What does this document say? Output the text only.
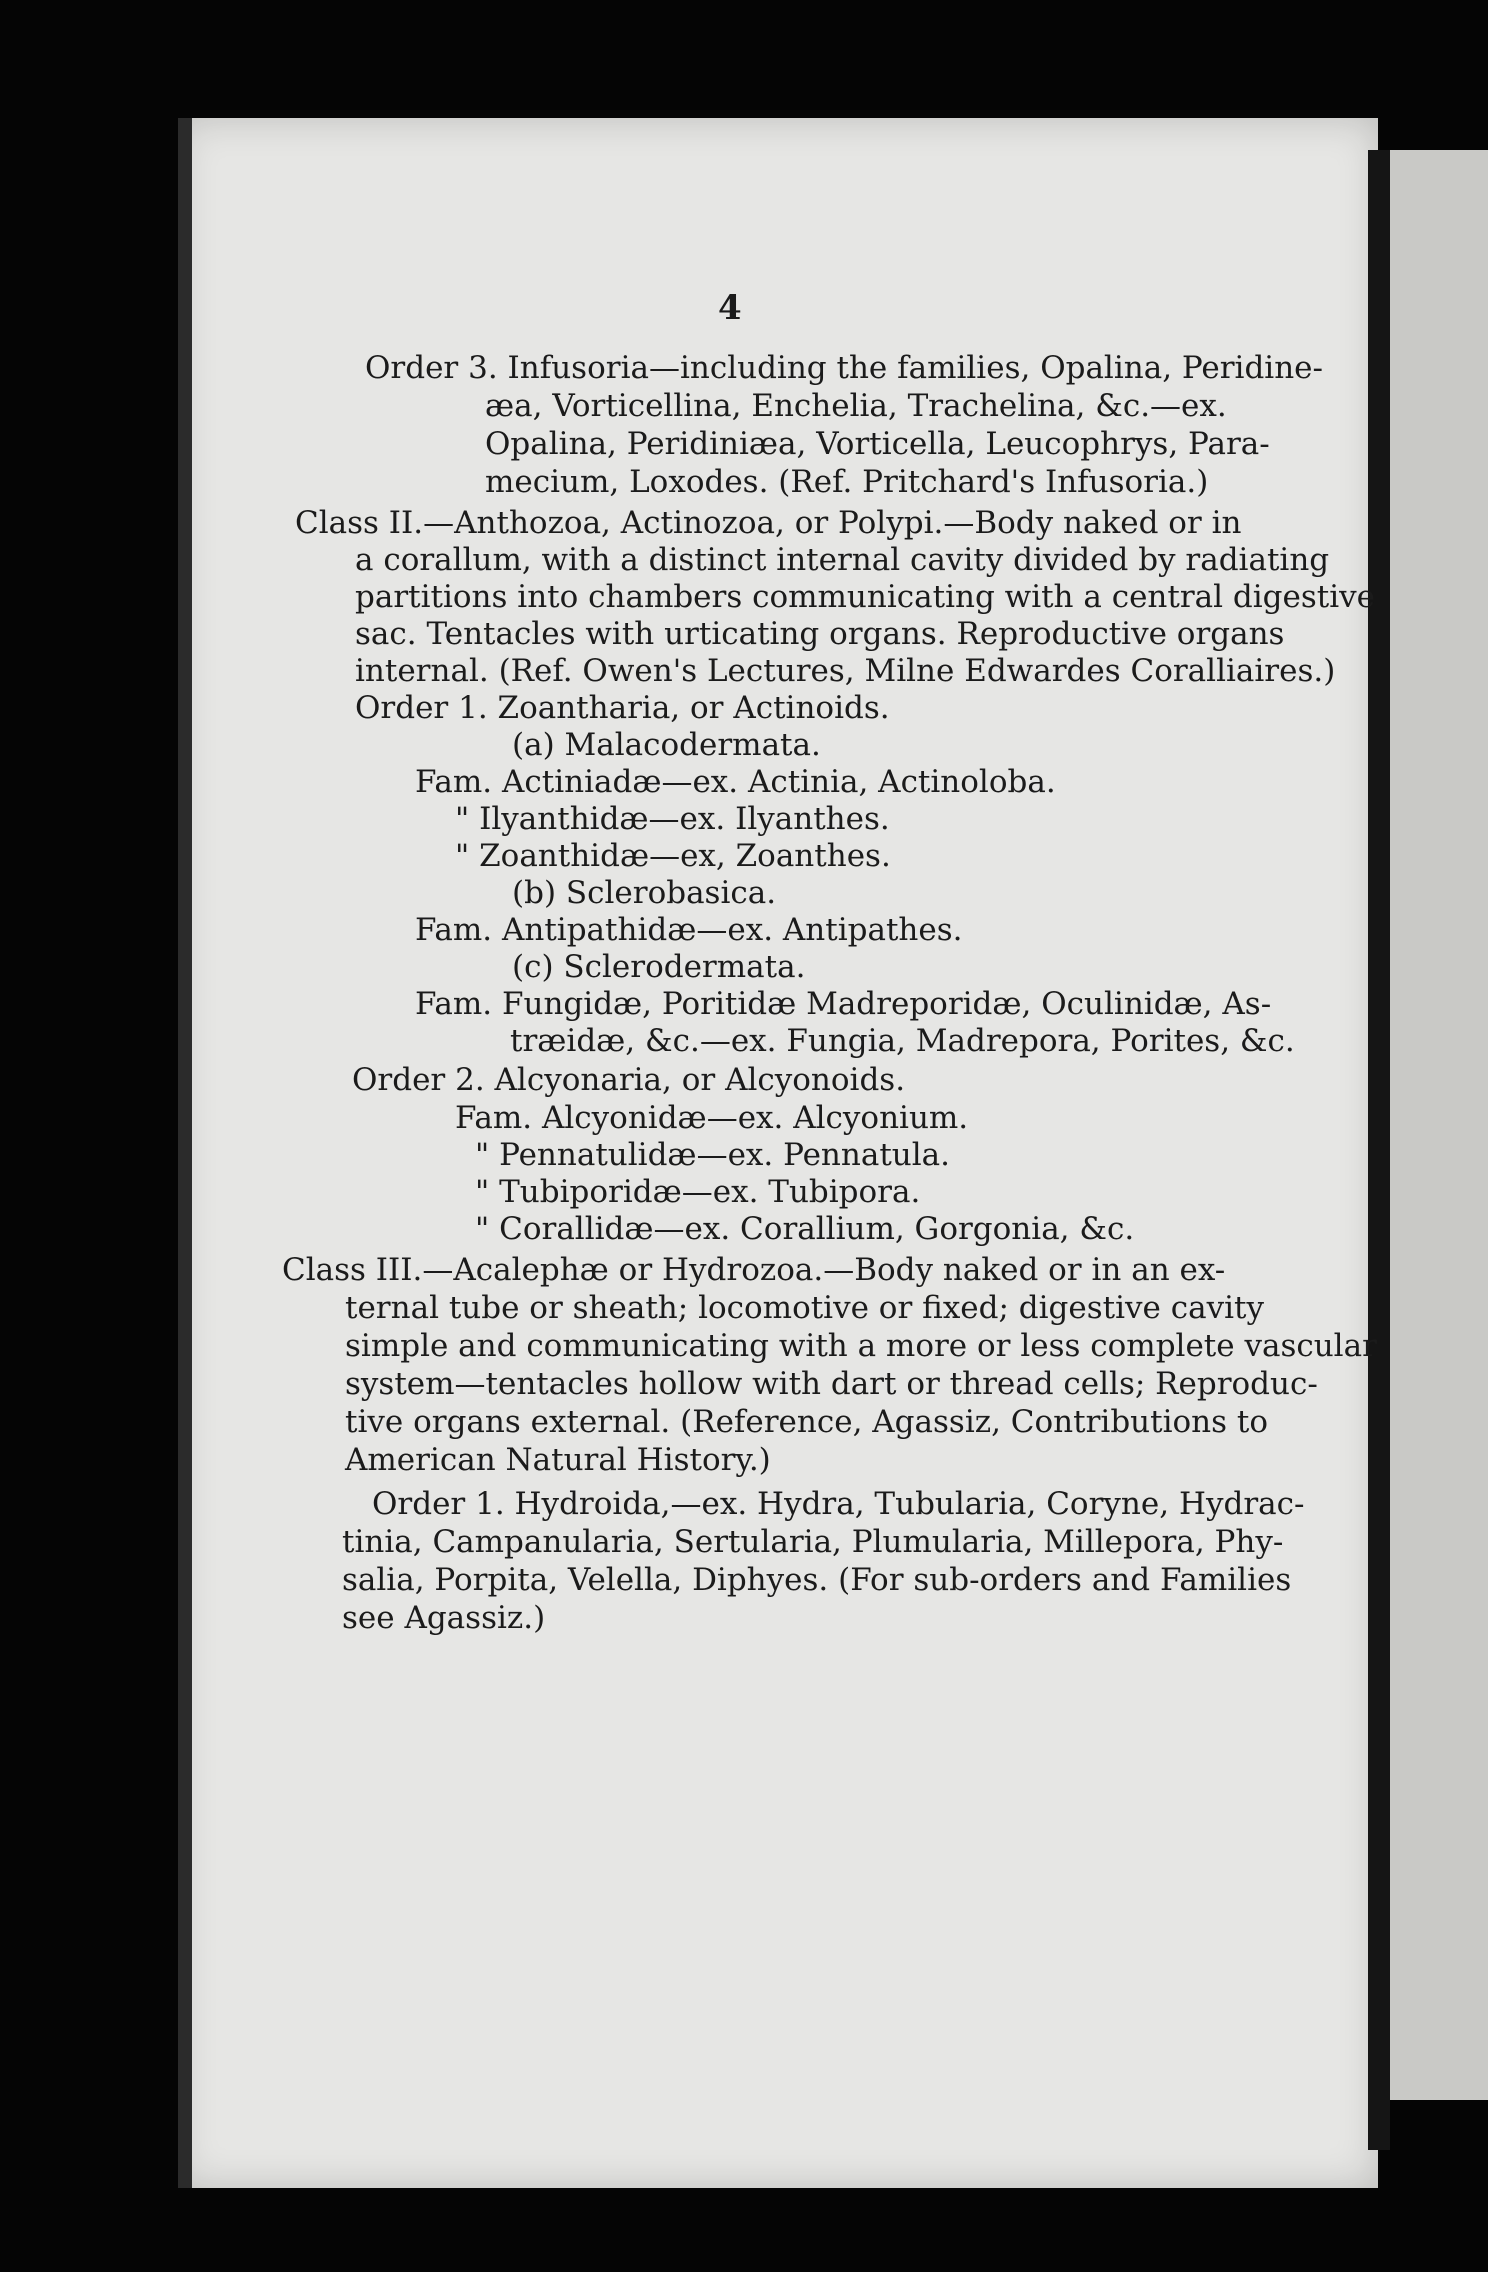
4
Order 3. Infusoria—including the families, Opalina, Peridine-
æa, Vorticellina, Enchelia, Trachelina, &c.—ex.
Opalina, Peridiniæa, Vorticella, Leucophrys, Para-
mecium, Loxodes. (Ref. Pritchard's Infusoria.)
Class II.—Anthozoa, Actinozoa, or Polypi.—Body naked or in
a corallum, with a distinct internal cavity divided by radiating
partitions into chambers communicating with a central digestive
sac. Tentacles with urticating organs. Reproductive organs
internal. (Ref. Owen's Lectures, Milne Edwardes Coralliaires.)
Order 1. Zoantharia, or Actinoids.
(a) Malacodermata.
Fam. Actiniadæ—ex. Actinia, Actinoloba.
" Ilyanthidæ—ex. Ilyanthes.
" Zoanthidæ—ex, Zoanthes.
(b) Sclerobasica.
Fam. Antipathidæ—ex. Antipathes.
(c) Sclerodermata.
Fam. Fungidæ, Poritidæ Madreporidæ, Oculinidæ, As-
træidæ, &c.—ex. Fungia, Madrepora, Porites, &c.
Order 2. Alcyonaria, or Alcyonoids.
Fam. Alcyonidæ—ex. Alcyonium.
" Pennatulidæ—ex. Pennatula.
" Tubiporidæ—ex. Tubipora.
" Corallidæ—ex. Corallium, Gorgonia, &c.
Class III.—Acalephæ or Hydrozoa.—Body naked or in an ex-
ternal tube or sheath; locomotive or fixed; digestive cavity
simple and communicating with a more or less complete vascular
system—tentacles hollow with dart or thread cells; Reproduc-
tive organs external. (Reference, Agassiz, Contributions to
American Natural History.)
Order 1. Hydroida,—ex. Hydra, Tubularia, Coryne, Hydrac-
tinia, Campanularia, Sertularia, Plumularia, Millepora, Phy-
salia, Porpita, Velella, Diphyes. (For sub-orders and Families
see Agassiz.)
